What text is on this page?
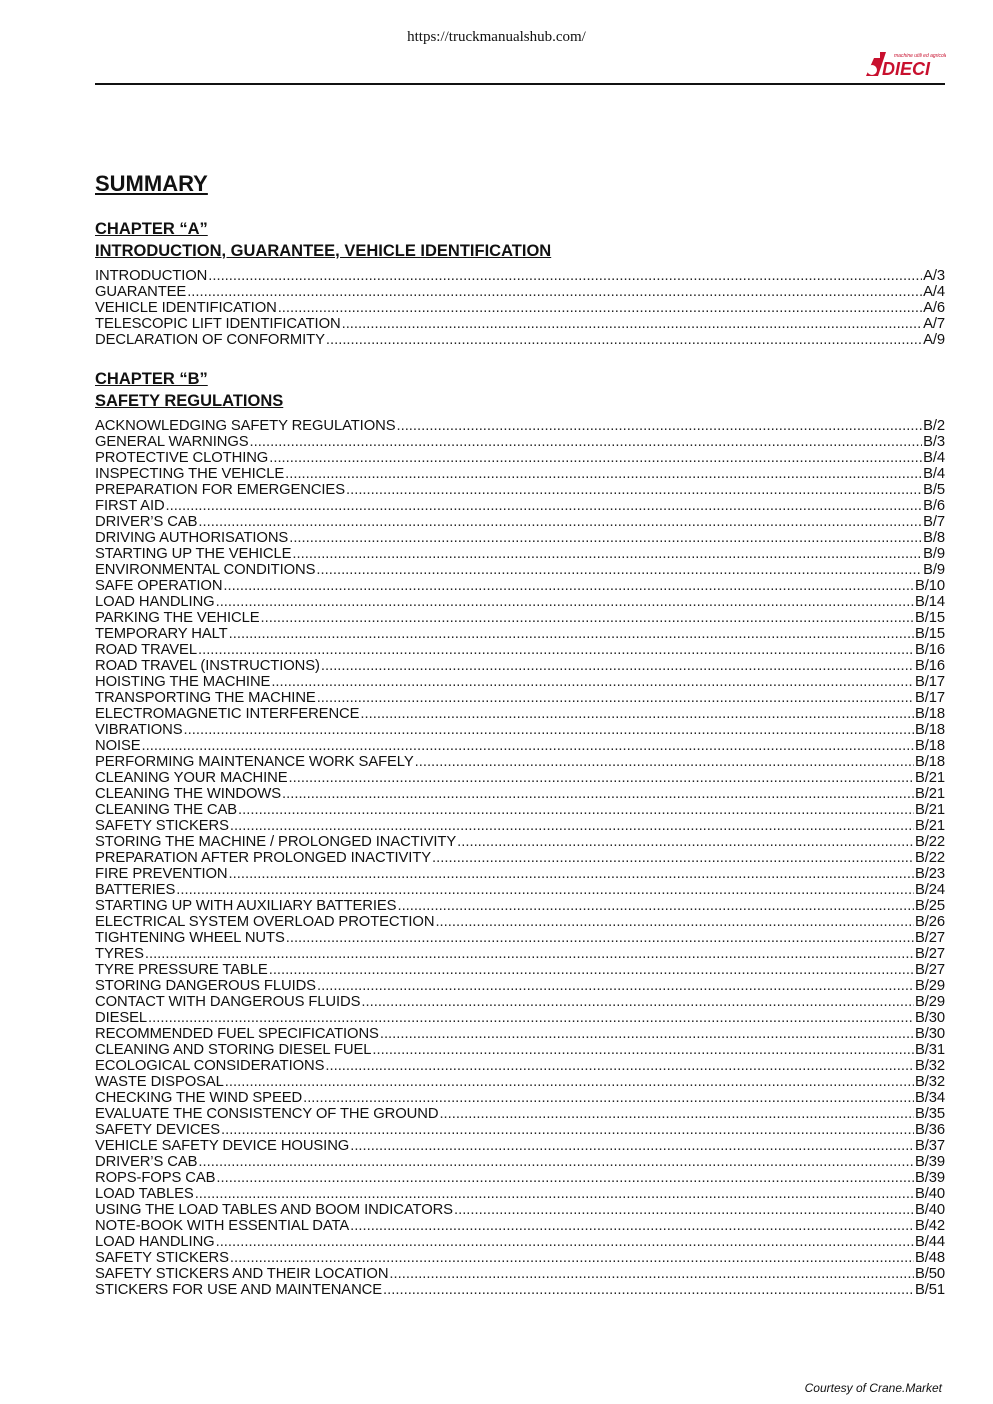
https://truckmanualshub.com/
DIECI
machine utili ed agricole
SUMMARY
CHAPTER “A”
INTRODUCTION, GUARANTEE, VEHICLE IDENTIFICATION
INTRODUCTION .....	A/3
GUARANTEE .....	A/4
VEHICLE IDENTIFICATION .....	A/6
TELESCOPIC LIFT IDENTIFICATION .....	A/7
DECLARATION OF CONFORMITY .....	A/9
CHAPTER “B”
SAFETY REGULATIONS
ACKNOWLEDGING SAFETY REGULATIONS .....	B/2
GENERAL WARNINGS .....	B/3
PROTECTIVE CLOTHING .....	B/4
INSPECTING THE VEHICLE .....	B/4
PREPARATION FOR EMERGENCIES .....	B/5
FIRST AID .....	B/6
DRIVER’S CAB .....	B/7
DRIVING AUTHORISATIONS .....	B/8
STARTING UP THE VEHICLE .....	B/9
ENVIRONMENTAL CONDITIONS .....	B/9
SAFE OPERATION .....	B/10
LOAD HANDLING .....	B/14
PARKING THE VEHICLE .....	B/15
TEMPORARY HALT .....	B/15
ROAD TRAVEL .....	B/16
ROAD TRAVEL (INSTRUCTIONS) .....	B/16
HOISTING THE MACHINE .....	B/17
TRANSPORTING THE MACHINE .....	B/17
ELECTROMAGNETIC INTERFERENCE .....	B/18
VIBRATIONS .....	B/18
NOISE .....	B/18
PERFORMING MAINTENANCE WORK SAFELY .....	B/18
CLEANING YOUR MACHINE .....	B/21
CLEANING THE WINDOWS .....	B/21
CLEANING THE CAB .....	B/21
SAFETY STICKERS .....	B/21
STORING THE MACHINE / PROLONGED INACTIVITY .....	B/22
PREPARATION AFTER PROLONGED INACTIVITY .....	B/22
FIRE PREVENTION .....	B/23
BATTERIES .....	B/24
STARTING UP WITH AUXILIARY BATTERIES .....	B/25
ELECTRICAL SYSTEM OVERLOAD PROTECTION .....	B/26
TIGHTENING WHEEL NUTS .....	B/27
TYRES .....	B/27
TYRE PRESSURE TABLE .....	B/27
STORING DANGEROUS FLUIDS .....	B/29
CONTACT WITH DANGEROUS FLUIDS .....	B/29
DIESEL .....	B/30
RECOMMENDED FUEL SPECIFICATIONS .....	B/30
CLEANING AND STORING DIESEL FUEL .....	B/31
ECOLOGICAL CONSIDERATIONS .....	B/32
WASTE DISPOSAL .....	B/32
CHECKING THE WIND SPEED .....	B/34
EVALUATE THE CONSISTENCY OF THE GROUND .....	B/35
SAFETY DEVICES .....	B/36
VEHICLE SAFETY DEVICE HOUSING .....	B/37
DRIVER’S CAB .....	B/39
ROPS-FOPS CAB .....	B/39
LOAD TABLES .....	B/40
USING THE LOAD TABLES AND BOOM INDICATORS .....	B/40
NOTE-BOOK WITH ESSENTIAL DATA .....	B/42
LOAD HANDLING .....	B/44
SAFETY STICKERS .....	B/48
SAFETY STICKERS AND THEIR LOCATION .....	B/50
STICKERS FOR USE AND MAINTENANCE .....	B/51
Courtesy of Crane.Market
